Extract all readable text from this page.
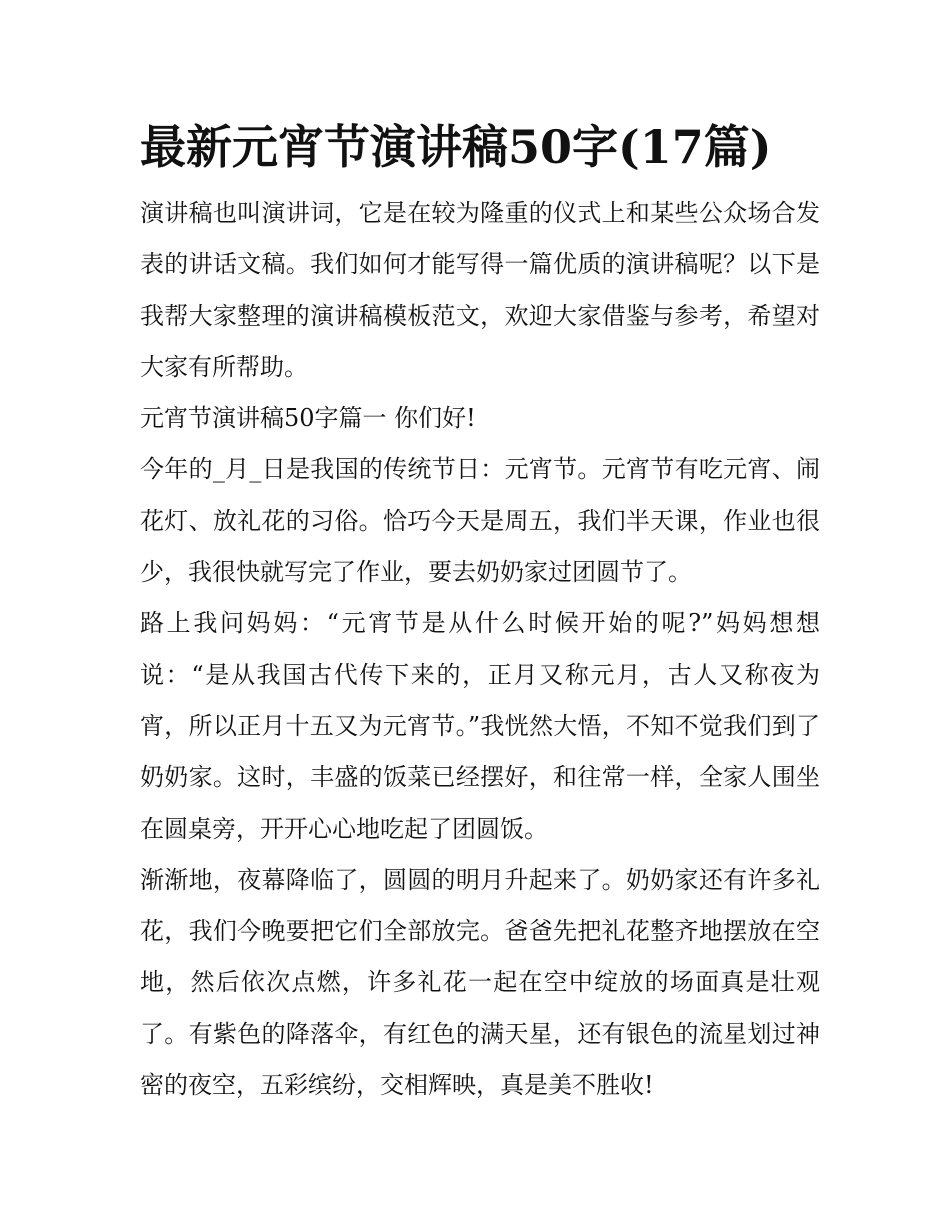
最新元宵节演讲稿50字(17篇)

演讲稿也叫演讲词，它是在较为隆重的仪式上和某些公众场合发表的讲话文稿。我们如何才能写得一篇优质的演讲稿呢？以下是我帮大家整理的演讲稿模板范文，欢迎大家借鉴与参考，希望对大家有所帮助。

元宵节演讲稿50字篇一 你们好!

今年的_月_日是我国的传统节日：元宵节。元宵节有吃元宵、闹花灯、放礼花的习俗。恰巧今天是周五，我们半天课，作业也很少，我很快就写完了作业，要去奶奶家过团圆节了。

路上我问妈妈：“元宵节是从什么时候开始的呢?”妈妈想想说：“是从我国古代传下来的，正月又称元月，古人又称夜为宵，所以正月十五又为元宵节。”我恍然大悟，不知不觉我们到了奶奶家。这时，丰盛的饭菜已经摆好，和往常一样，全家人围坐在圆桌旁，开开心心地吃起了团圆饭。

渐渐地，夜幕降临了，圆圆的明月升起来了。奶奶家还有许多礼花，我们今晚要把它们全部放完。爸爸先把礼花整齐地摆放在空地，然后依次点燃，许多礼花一起在空中绽放的场面真是壮观了。有紫色的降落伞，有红色的满天星，还有银色的流星划过神密的夜空，五彩缤纷，交相辉映，真是美不胜收!
